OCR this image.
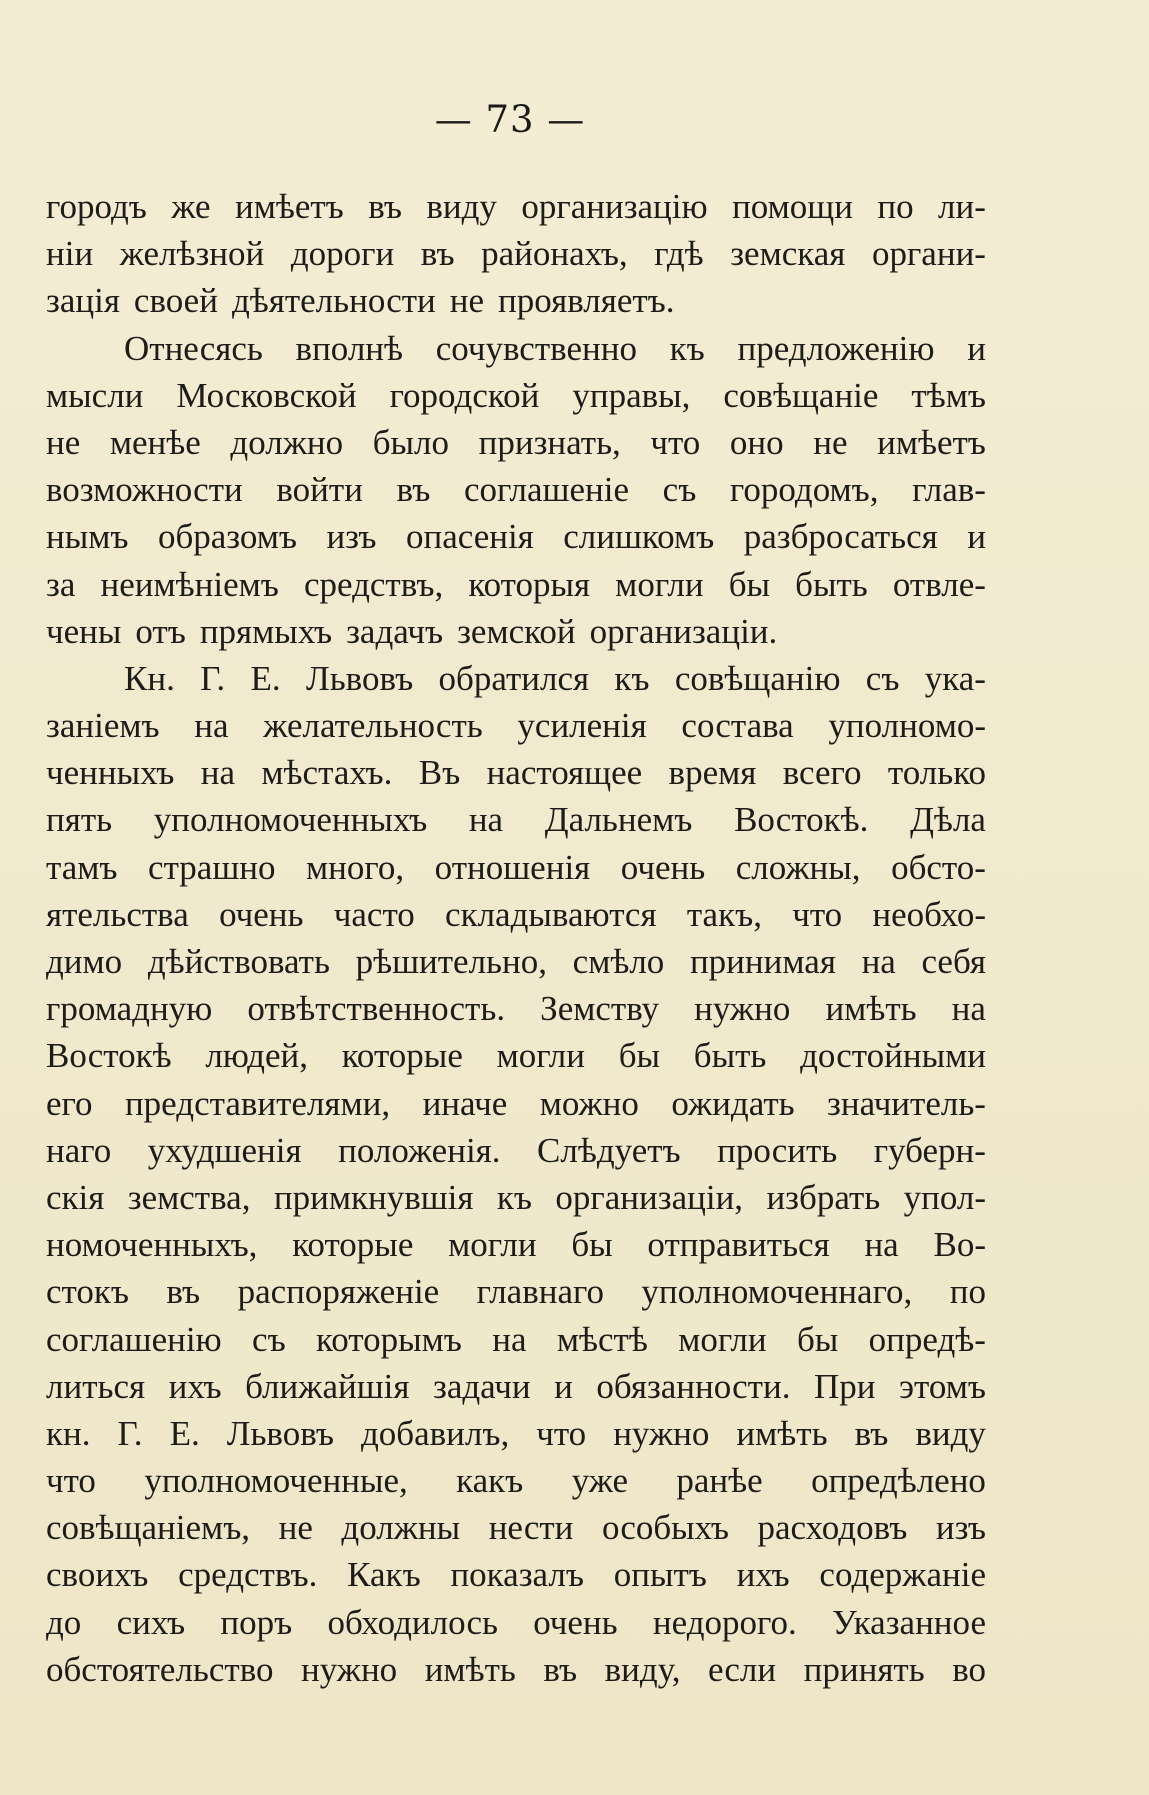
— 73 —
городъ же имѣетъ въ виду организацію помощи по ли-
ніи желѣзной дороги въ районахъ, гдѣ земская органи-
зація своей дѣятельности не проявляетъ.
Отнесясь вполнѣ сочувственно къ предложенію и
мысли Московской городской управы, совѣщаніе тѣмъ
не менѣе должно было признать, что оно не имѣетъ
возможности войти въ соглашеніе съ городомъ, глав-
нымъ образомъ изъ опасенія слишкомъ разбросаться и
за неимѣніемъ средствъ, которыя могли бы быть отвле-
чены отъ прямыхъ задачъ земской организаціи.
Кн. Г. Е. Львовъ обратился къ совѣщанію съ ука-
заніемъ на желательность усиленія состава уполномо-
ченныхъ на мѣстахъ. Въ настоящее время всего только
пять уполномоченныхъ на Дальнемъ Востокѣ. Дѣла
тамъ страшно много, отношенія очень сложны, обсто-
ятельства очень часто складываются такъ, что необхо-
димо дѣйствовать рѣшительно, смѣло принимая на себя
громадную отвѣтственность. Земству нужно имѣть на
Востокѣ людей, которые могли бы быть достойными
его представителями, иначе можно ожидать значитель-
наго ухудшенія положенія. Слѣдуетъ просить губерн-
скія земства, примкнувшія къ организаціи, избрать упол-
номоченныхъ, которые могли бы отправиться на Во-
стокъ въ распоряженіе главнаго уполномоченнаго, по
соглашенію съ которымъ на мѣстѣ могли бы опредѣ-
литься ихъ ближайшія задачи и обязанности. При этомъ
кн. Г. Е. Львовъ добавилъ, что нужно имѣть въ виду
что уполномоченные, какъ уже ранѣе опредѣлено
совѣщаніемъ, не должны нести особыхъ расходовъ изъ
своихъ средствъ. Какъ показалъ опытъ ихъ содержаніе
до сихъ поръ обходилось очень недорого. Указанное
обстоятельство нужно имѣть въ виду, если принять во
